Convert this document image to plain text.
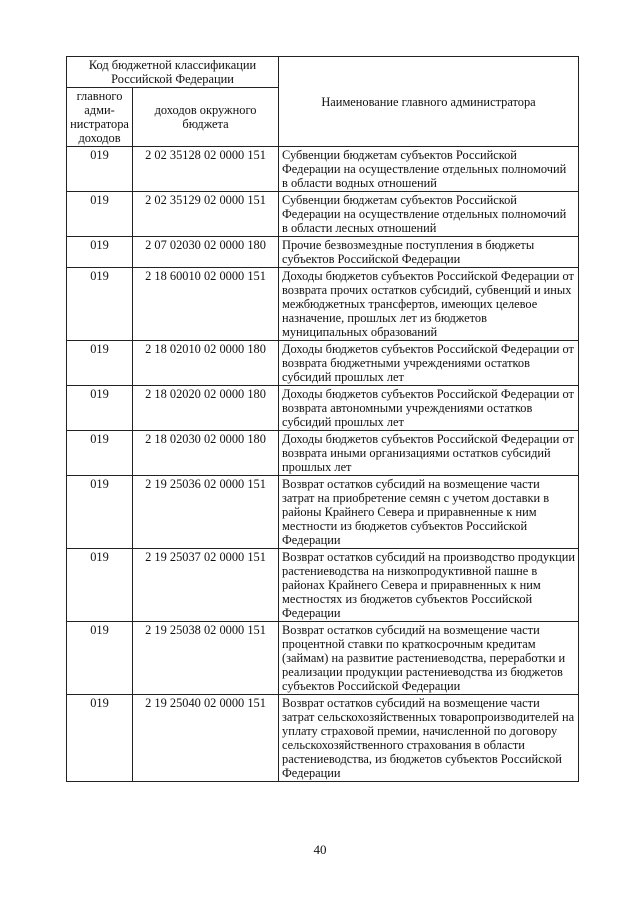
Код бюджетной классификации Российской Федерации		Наименование главного администратора
главного адми-нистратора доходов	доходов окружного бюджета	
019	2 02 35128 02 0000 151	Субвенции бюджетам субъектов Российской Федерации на осуществление отдельных полномочий в области водных отношений
019	2 02 35129 02 0000 151	Субвенции бюджетам субъектов Российской Федерации на осуществление отдельных полномочий в области лесных отношений
019	2 07 02030 02 0000 180	Прочие безвозмездные поступления в бюджеты субъектов Российской Федерации
019	2 18 60010 02 0000 151	Доходы бюджетов субъектов Российской Федерации от возврата прочих остатков субсидий, субвенций и иных межбюджетных трансфертов, имеющих целевое назначение, прошлых лет из бюджетов муниципальных образований
019	2 18 02010 02 0000 180	Доходы бюджетов субъектов Российской Федерации от возврата бюджетными учреждениями остатков субсидий прошлых лет
019	2 18 02020 02 0000 180	Доходы бюджетов субъектов Российской Федерации от возврата автономными учреждениями остатков субсидий прошлых лет
019	2 18 02030 02 0000 180	Доходы бюджетов субъектов Российской Федерации от возврата иными организациями остатков субсидий прошлых лет
019	2 19 25036 02 0000 151	Возврат остатков субсидий на возмещение части затрат на приобретение семян с учетом доставки в районы Крайнего Севера и приравненные к ним местности из бюджетов субъектов Российской Федерации
019	2 19 25037 02 0000 151	Возврат остатков субсидий на производство продукции растениеводства на низкопродуктивной пашне в районах Крайнего Севера и приравненных к ним местностях из бюджетов субъектов Российской Федерации
019	2 19 25038 02 0000 151	Возврат остатков субсидий на возмещение части процентной ставки по краткосрочным кредитам (займам) на развитие растениеводства, переработки и реализации продукции растениеводства из бюджетов субъектов Российской Федерации
019	2 19 25040 02 0000 151	Возврат остатков субсидий на возмещение части затрат сельскохозяйственных товаропроизводителей на уплату страховой премии, начисленной по договору сельскохозяйственного страхования в области растениеводства, из бюджетов субъектов Российской Федерации
40
